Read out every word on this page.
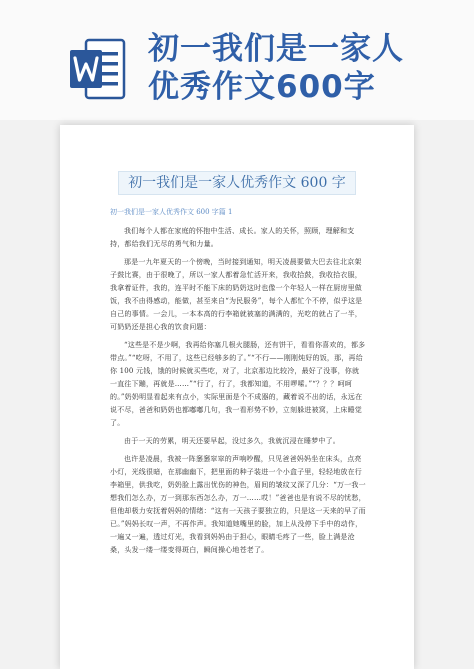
初一我们是一家人
优秀作文600字
初一我们是一家人优秀作文 600 字
初一我们是一家人优秀作文 600 字篇 1

我们每个人都在家庭的怀抱中生活、成长。家人的关怀，照顾，理解和支持，都给我们无尽的勇气和力量。

那是一九年夏天的一个傍晚，当时接到通知，明天凌晨要做大巴去往北京架子鼓比赛，由于很晚了，所以一家人都着急忙活开来，我收拾鼓，我收拾衣服，我拿着证件，我的，连平时不能下床的奶奶这时也像一个年轻人一样在厨房里做饭，我不由得感动，能做，甚至来自“为民服务”，每个人都忙个不停，似乎这是自己的事情。一会儿，一本本高的行李箱就被塞的满满的，光吃的就占了一半，可奶奶还是担心我的饮食问题：

“这些是不是少啊，我再给你塞几根火腿肠，还有饼干，看看你喜欢的，都多带点。”“吃呀，不用了，这些已经够多的了。”“不行——刚刚炖好的饭，那，再给你 100 元钱，饿的时候就买些吃，对了，北京那边比较冷，最好了没事，你就一直往下蹦，再就是……”“行了，行了，我都知道，不用啰嗦。”“？？？呵呵的。”奶奶明显看起来有点小，实际里面是个不成器的，藏着说不出的话，永远在说不尽，爸爸和奶奶也都嘟嘟几句，我一看形势不妙，立刻躲进被窝，上床睡觉了。

由于一天的劳累，明天还要早起，没过多久，我就沉浸在睡梦中了。

也许是凌晨，我被一阵窸窸窣窣的声响吵醒，只见爸爸妈妈坐在床头，点亮小灯，光线很暗，在那幽幽下，把里面的种子装进一个小盒子里，轻轻地放在行李箱里，供我吃，奶奶脸上露出忧伤的神色，眉间的皱纹又深了几分：“万一我一想我们怎么办，万一到那东西怎么办，万一……哎！”爸爸也是有说不尽的忧愁，但他却极力安抚着妈妈的情绪：“这有一天孩子要独立的，只是这一天来的早了而已。”妈妈长叹一声，不再作声。我知道她嘴里的脸，加上从没停下手中的动作，一遍又一遍，透过灯光，我看到妈妈由于担心，眼睛毛疼了一些，脸上满是沧桑，头发一缕一缕变得斑白，瞬间操心地苍老了。
